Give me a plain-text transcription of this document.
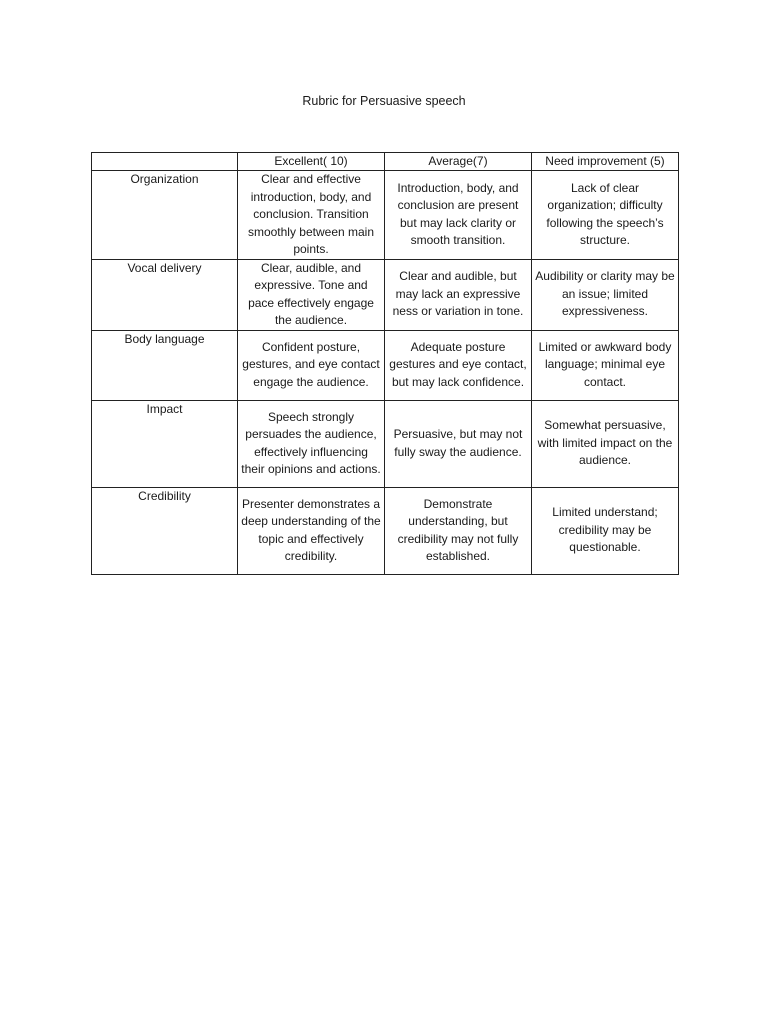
Rubric for Persuasive speech
	Excellent( 10)	Average(7)	Need improvement (5)
Organization	Clear and effective introduction, body, and conclusion. Transition smoothly between main points.	Introduction, body, and conclusion are present but may lack clarity or smooth transition.	Lack of clear organization; difficulty following the speech’s structure.
Vocal delivery	Clear, audible, and expressive. Tone and pace effectively engage the audience.	Clear and audible, but may lack an expressive ness or variation in tone.	Audibility or clarity may be an issue; limited expressiveness.
Body language	Confident posture, gestures, and eye contact engage the audience.	Adequate posture gestures and eye contact, but may lack confidence.	Limited or awkward body language; minimal eye contact.
Impact	Speech strongly persuades the audience, effectively influencing their opinions and actions.	Persuasive, but may not fully sway the audience.	Somewhat persuasive, with limited impact on the audience.
Credibility	Presenter demonstrates a deep understanding of the topic and effectively credibility.	Demonstrate understanding, but credibility may not fully established.	Limited understand; credibility may be questionable.
